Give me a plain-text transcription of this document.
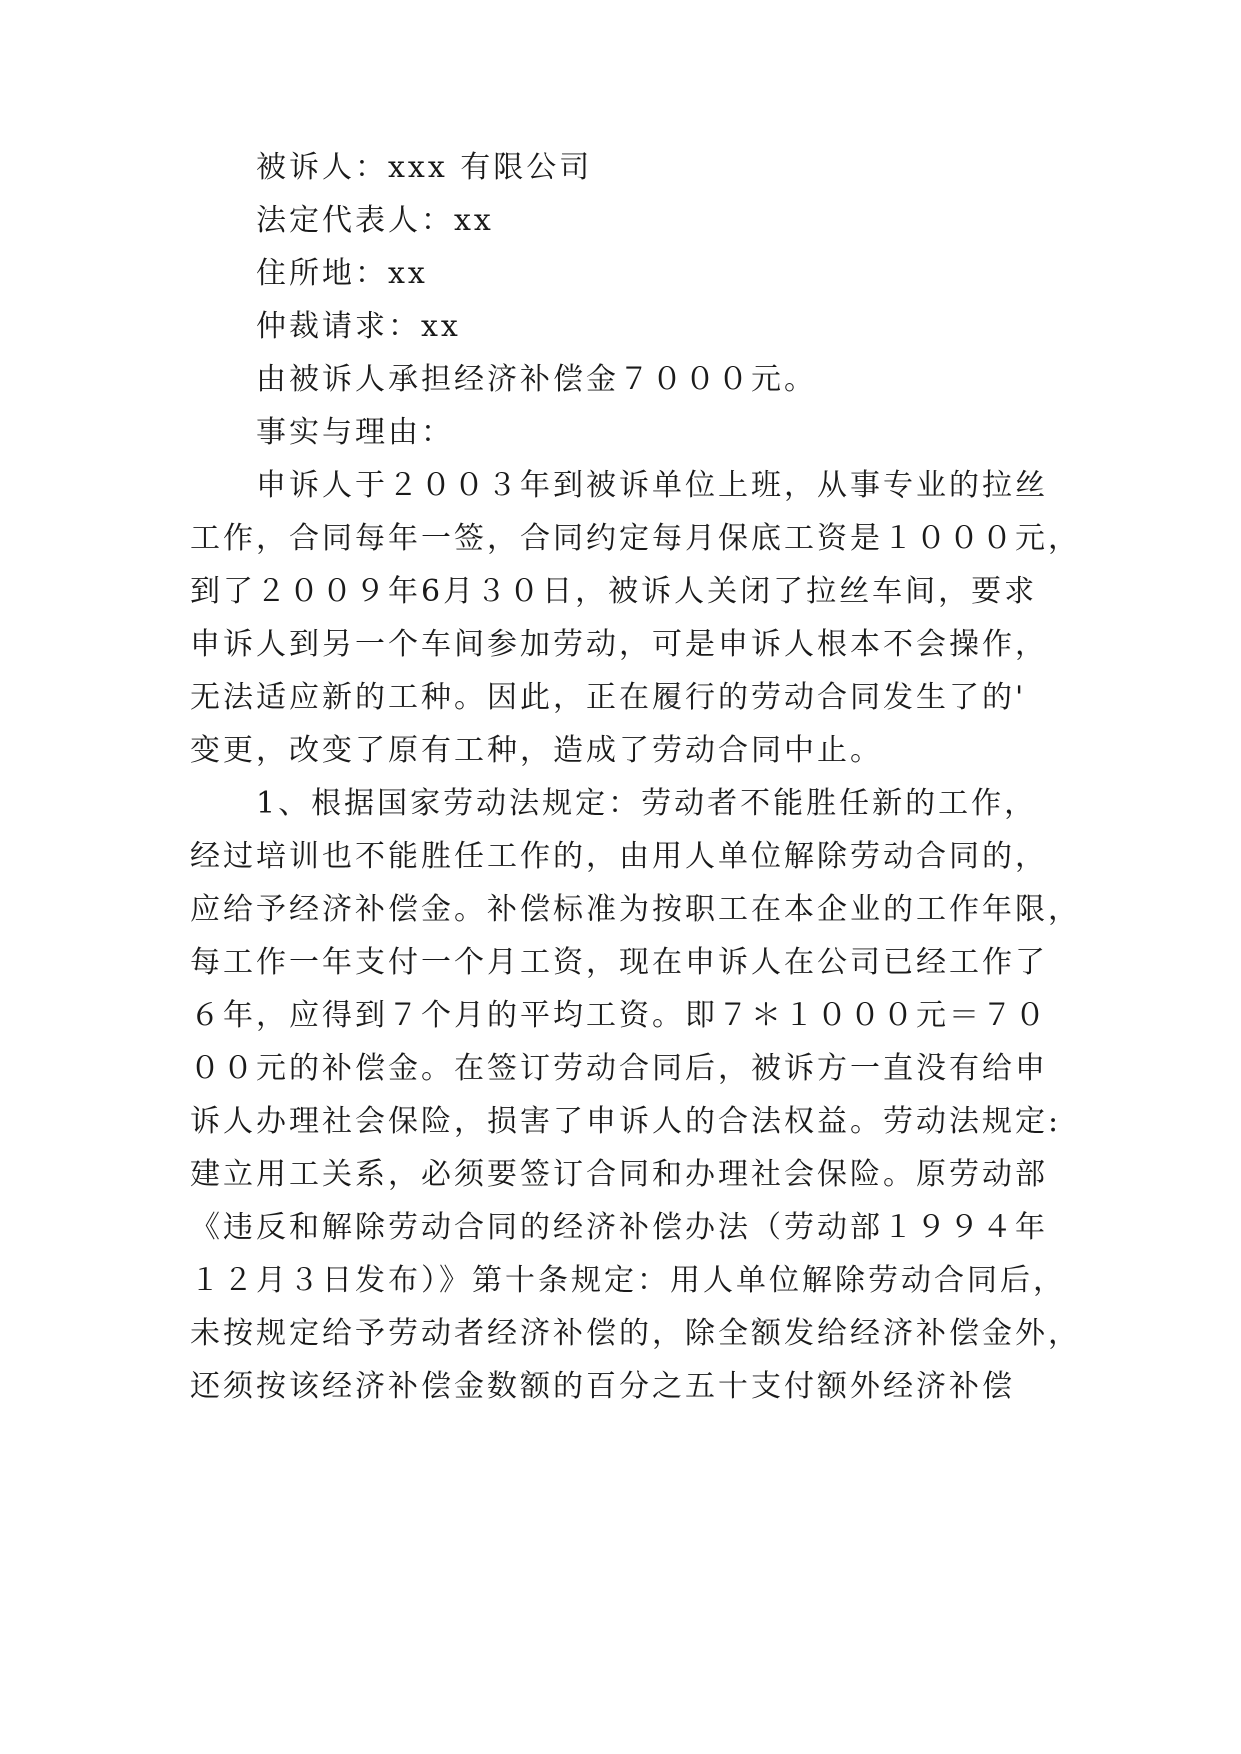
被诉人：xxx 有限公司
法定代表人：xx
住所地：xx
仲裁请求：xx
由被诉人承担经济补偿金７０００元。
事实与理由：
申诉人于２００３年到被诉单位上班，从事专业的拉丝
工作，合同每年一签，合同约定每月保底工资是１０００元，
到了２００９年6月３０日，被诉人关闭了拉丝车间，要求
申诉人到另一个车间参加劳动，可是申诉人根本不会操作，
无法适应新的工种。因此，正在履行的劳动合同发生了的'
变更，改变了原有工种，造成了劳动合同中止。
1、根据国家劳动法规定：劳动者不能胜任新的工作，
经过培训也不能胜任工作的，由用人单位解除劳动合同的，
应给予经济补偿金。补偿标准为按职工在本企业的工作年限，
每工作一年支付一个月工资，现在申诉人在公司已经工作了
６年，应得到７个月的平均工资。即７＊１０００元＝７０
００元的补偿金。在签订劳动合同后，被诉方一直没有给申
诉人办理社会保险，损害了申诉人的合法权益。劳动法规定:
建立用工关系，必须要签订合同和办理社会保险。原劳动部
《违反和解除劳动合同的经济补偿办法（劳动部１９９４年
１２月３日发布）》第十条规定：用人单位解除劳动合同后，
未按规定给予劳动者经济补偿的，除全额发给经济补偿金外，
还须按该经济补偿金数额的百分之五十支付额外经济补偿
